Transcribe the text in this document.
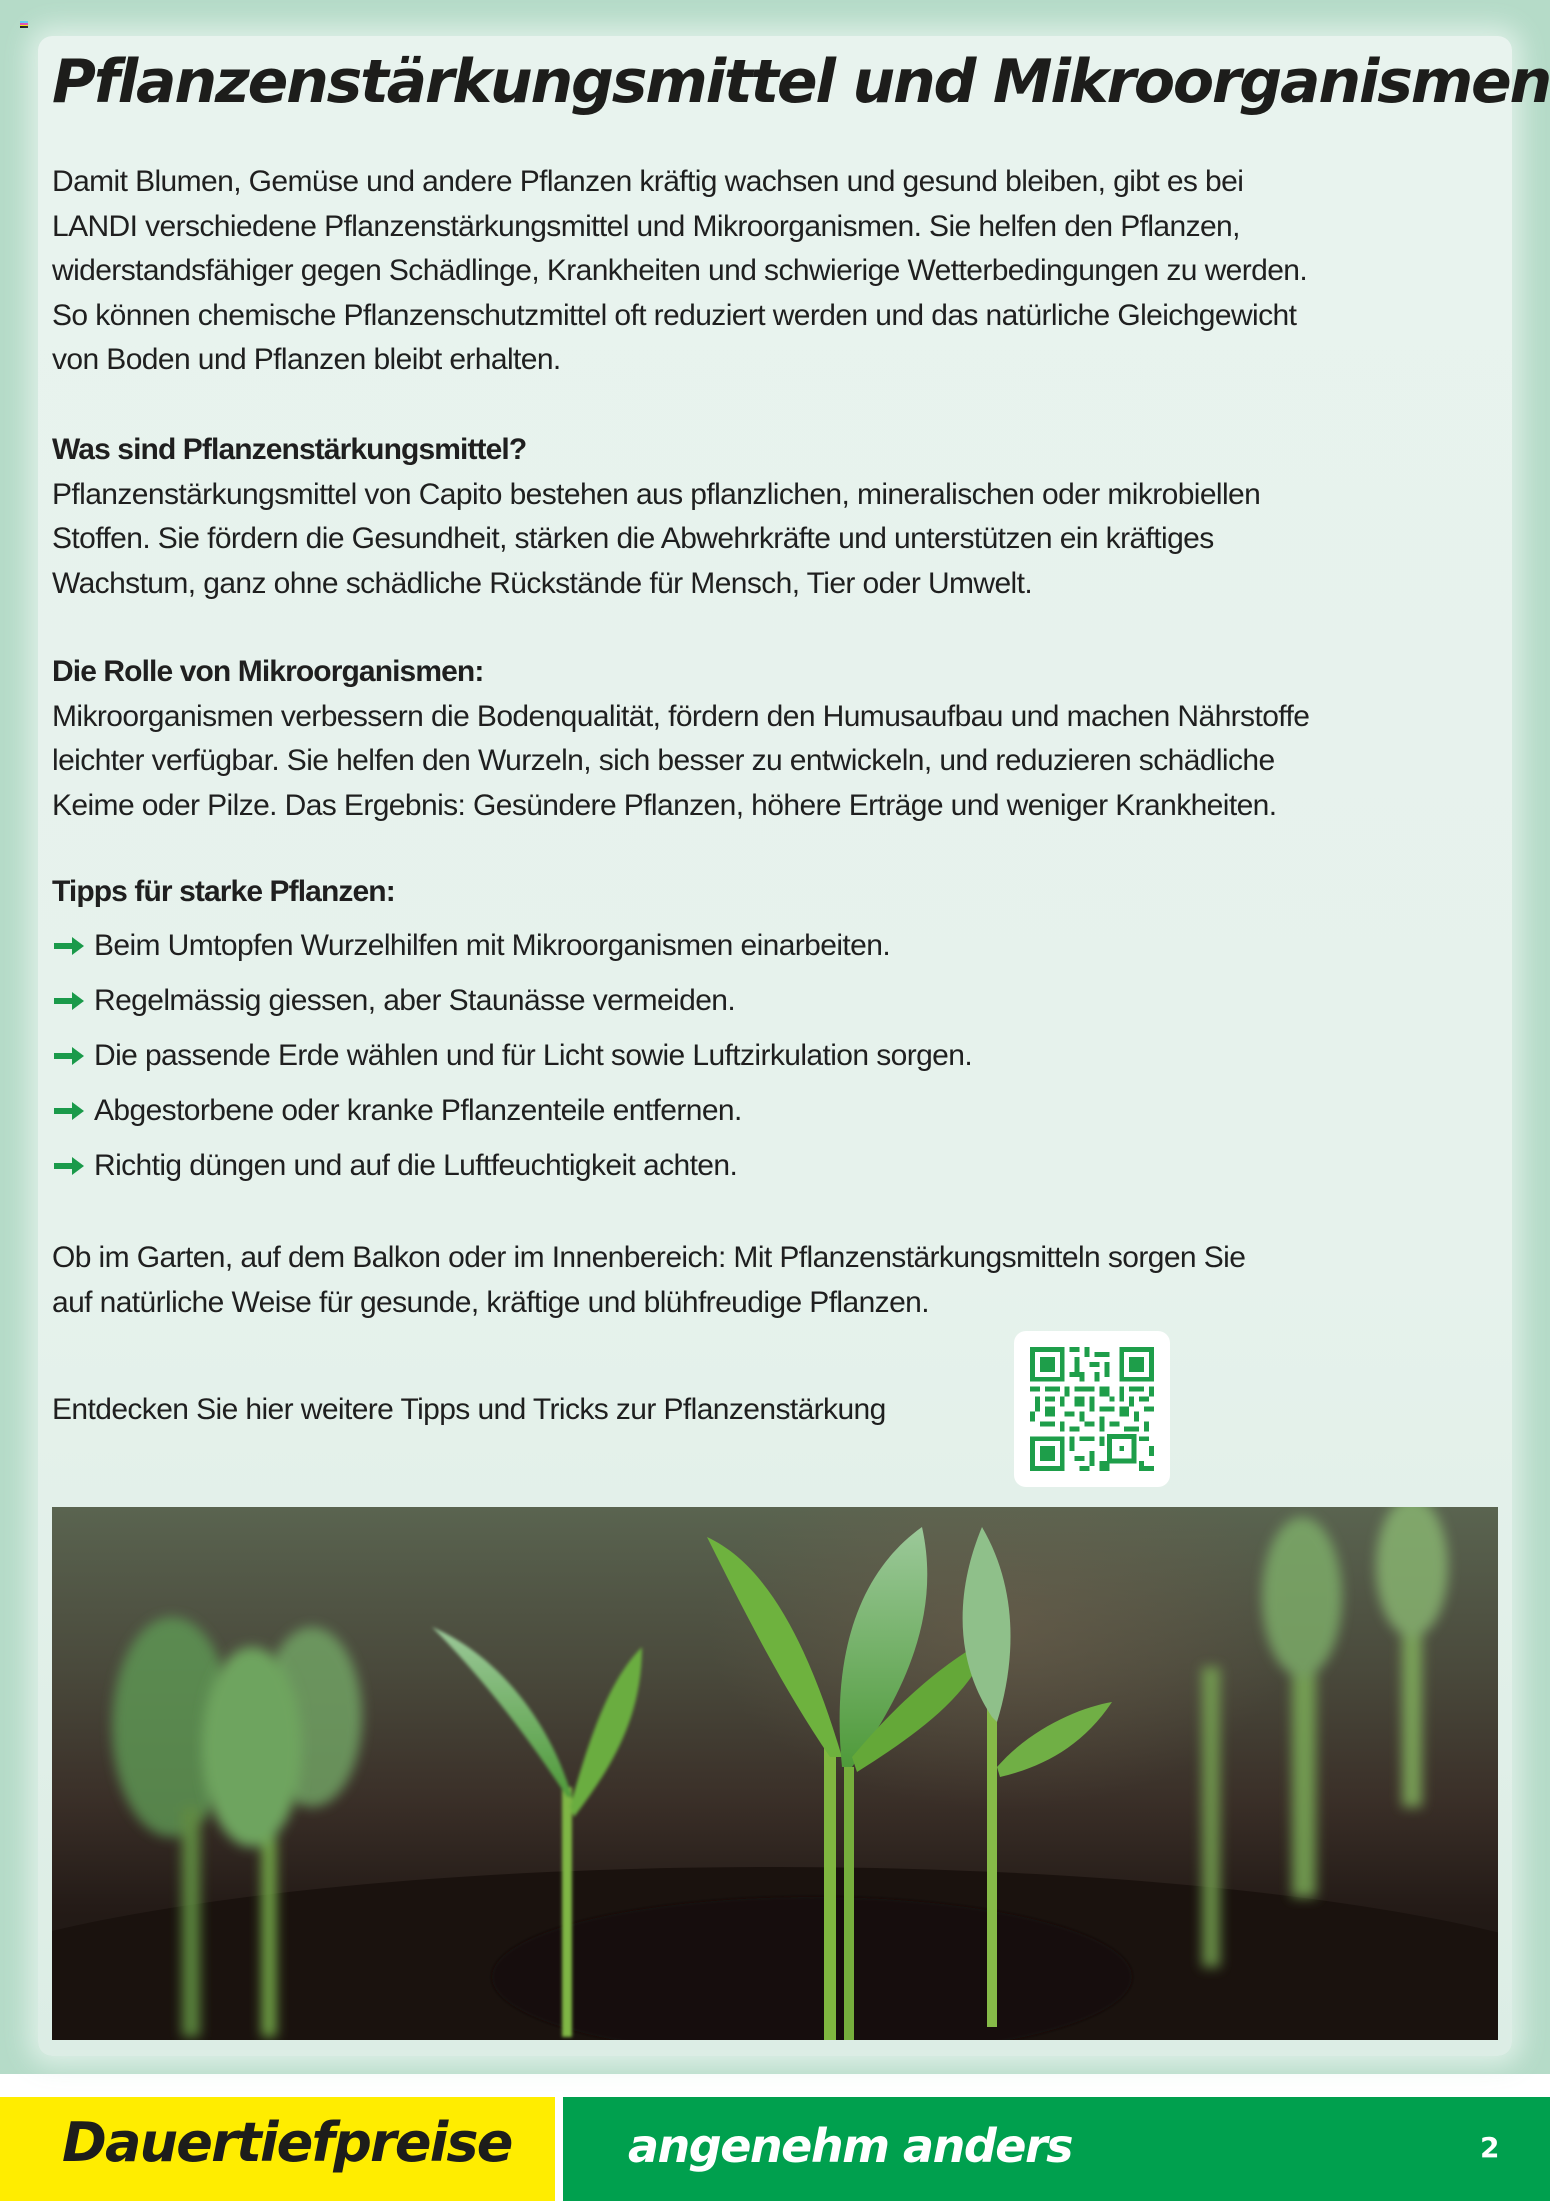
Pflanzenstärkungsmittel und Mikroorganismen
Damit Blumen, Gemüse und andere Pflanzen kräftig wachsen und gesund bleiben, gibt es bei
LANDI verschiedene Pflanzenstärkungsmittel und Mikroorganismen. Sie helfen den Pflanzen,
widerstandsfähiger gegen Schädlinge, Krankheiten und schwierige Wetterbedingungen zu werden.
So können chemische Pflanzenschutzmittel oft reduziert werden und das natürliche Gleichgewicht
von Boden und Pflanzen bleibt erhalten.
Was sind Pflanzenstärkungsmittel?
Pflanzenstärkungsmittel von Capito bestehen aus pflanzlichen, mineralischen oder mikrobiellen
Stoffen. Sie fördern die Gesundheit, stärken die Abwehrkräfte und unterstützen ein kräftiges
Wachstum, ganz ohne schädliche Rückstände für Mensch, Tier oder Umwelt.
Die Rolle von Mikroorganismen:
Mikroorganismen verbessern die Bodenqualität, fördern den Humusaufbau und machen Nährstoffe
leichter verfügbar. Sie helfen den Wurzeln, sich besser zu entwickeln, und reduzieren schädliche
Keime oder Pilze. Das Ergebnis: Gesündere Pflanzen, höhere Erträge und weniger Krankheiten.
Tipps für starke Pflanzen:
Beim Umtopfen Wurzelhilfen mit Mikroorganismen einarbeiten.
Regelmässig giessen, aber Staunässe vermeiden.
Die passende Erde wählen und für Licht sowie Luftzirkulation sorgen.
Abgestorbene oder kranke Pflanzenteile entfernen.
Richtig düngen und auf die Luftfeuchtigkeit achten.
Ob im Garten, auf dem Balkon oder im Innenbereich: Mit Pflanzenstärkungsmitteln sorgen Sie
auf natürliche Weise für gesunde, kräftige und blühfreudige Pflanzen.
Entdecken Sie hier weitere Tipps und Tricks zur Pflanzenstärkung
Dauertiefpreise	angenehm anders	2
